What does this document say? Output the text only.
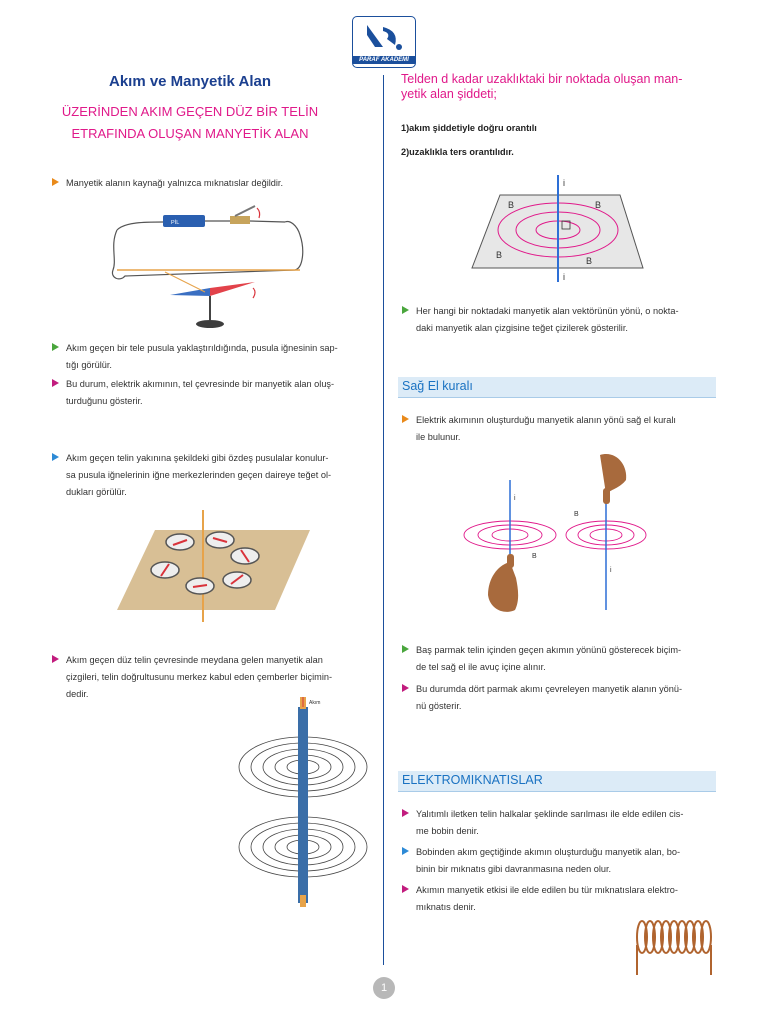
PARAF AKADEMİ
Akım ve Manyetik Alan
ÜZERİNDEN AKIM GEÇEN DÜZ BİR TELİN
ETRAFINDA OLUŞAN MANYETİK ALAN
Manyetik alanın kaynağı yalnızca mıknatıslar değildir.
PİL
Akım geçen bir tele pusula yaklaştırıldığında, pusula iğnesinin sap-
tığı görülür.
Bu durum, elektrik akımının, tel çevresinde bir manyetik alan oluş-
turduğunu gösterir.
Akım geçen telin yakınına şekildeki gibi özdeş pusulalar konulur-
sa pusula iğnelerinin iğne merkezlerinden geçen daireye teğet ol-
dukları görülür.
Akım geçen düz telin çevresinde meydana gelen manyetik alan
çizgileri, telin doğrultusunu merkez kabul eden çemberler biçimin-
dedir.
Akım
Telden d kadar uzaklıktaki bir noktada oluşan man-
yetik alan şiddeti;
1)akım şiddetiyle doğru orantılı
2)uzaklıkla ters orantılıdır.
i
i
B	B
B
B
Her hangi bir noktadaki manyetik alan vektörünün yönü, o nokta-
daki manyetik alan çizgisine teğet çizilerek gösterilir.
Sağ El kuralı
Elektrik akımının oluşturduğu manyetik alanın yönü sağ el kuralı
ile bulunur.
i
B
B
i
Baş parmak telin içinden geçen akımın yönünü gösterecek biçim-
de tel sağ el ile avuç içine alınır.
Bu durumda dört parmak akımı çevreleyen manyetik alanın yönü-
nü gösterir.
ELEKTROMIKNATISLAR
Yalıtımlı iletken telin halkalar şeklinde sarılması ile elde edilen cis-
me bobin denir.
Bobinden akım geçtiğinde akımın oluşturduğu manyetik alan, bo-
binin bir mıknatıs gibi davranmasına neden olur.
Akımın manyetik etkisi ile elde edilen bu tür mıknatıslara elektro-
mıknatıs denir.
1
